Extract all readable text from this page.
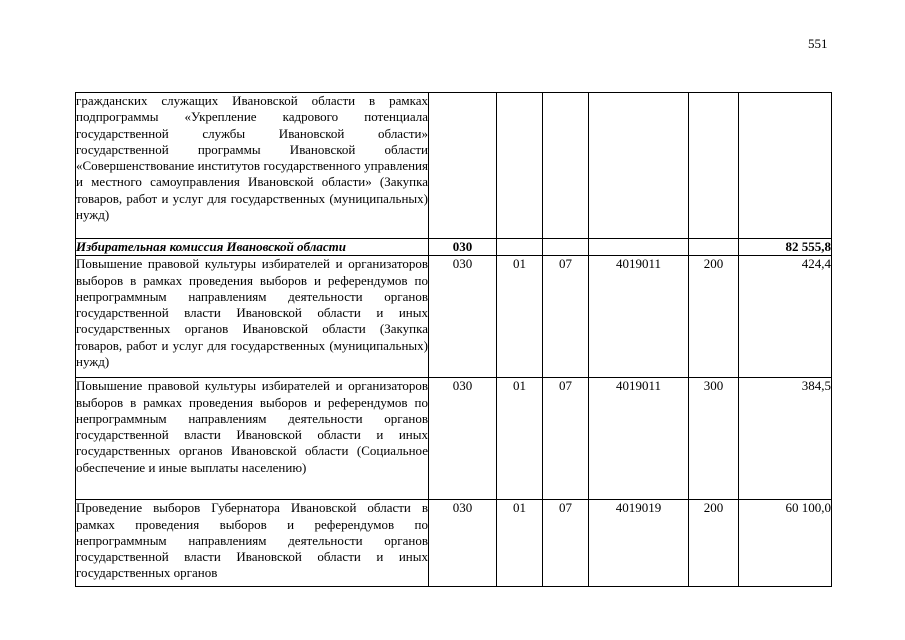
551
гражданских служащих Ивановской области в рамках подпрограммы «Укрепление кадрового потенциала государственной службы Ивановской области» государственной программы Ивановской области «Совершенствование институтов государственного управления и местного самоуправления Ивановской области» (Закупка товаров, работ и услуг для государственных (муниципальных) нужд)						

Избирательная комиссия Ивановской области	030					82 555,8

Повышение правовой культуры избирателей и организаторов выборов в рамках проведения выборов и референдумов по непрограммным направлениям деятельности органов государственной власти Ивановской области и иных государственных органов Ивановской области (Закупка товаров, работ и услуг для государственных (муниципальных) нужд)	030	01	07	4019011	200	424,4

Повышение правовой культуры избирателей и организаторов выборов в рамках проведения выборов и референдумов по непрограммным направлениям деятельности органов государственной власти Ивановской области и иных государственных органов Ивановской области (Социальное обеспечение и иные выплаты населению)	030	01	07	4019011	300	384,5

Проведение выборов Губернатора Ивановской области в рамках проведения выборов и референдумов по непрограммным направлениям деятельности органов государственной власти Ивановской области и иных государственных органов	030	01	07	4019019	200	60 100,0
